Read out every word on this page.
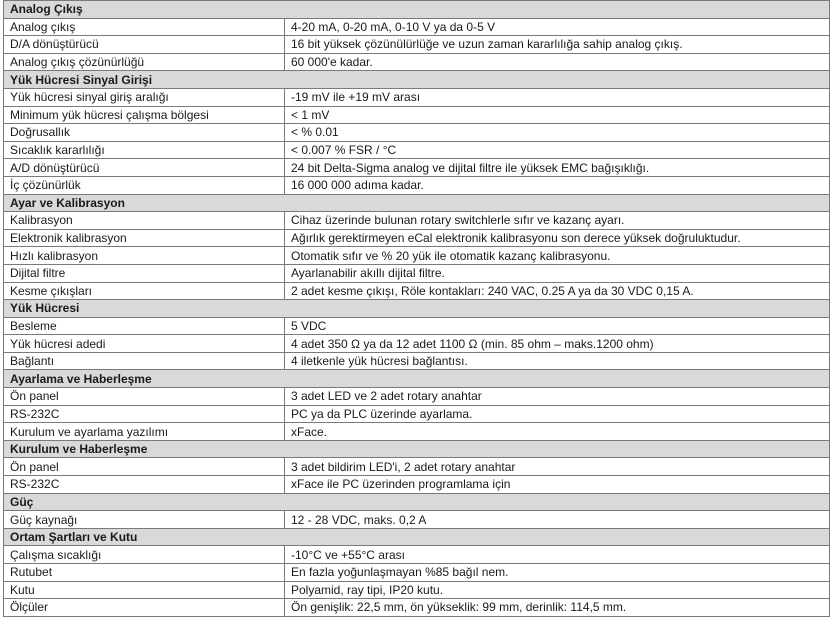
Analog Çıkış	
Analog çıkış	4-20 mA, 0-20 mA, 0-10 V ya da 0-5 V
D/A dönüştürücü	16 bit yüksek çözünülürlüğe ve uzun zaman kararlılığa sahip analog çıkış.
Analog çıkış çözünürlüğü	60 000'e kadar.
Yük Hücresi Sinyal Girişi	
Yük hücresi sinyal giriş aralığı	-19 mV ile +19 mV arası
Minimum yük hücresi çalışma bölgesi	< 1 mV
Doğrusallık	< % 0.01
Sıcaklık kararlılığı	< 0.007 % FSR / °C
A/D dönüştürücü	24 bit Delta-Sigma analog ve dijital filtre ile yüksek EMC bağışıklığı.
İç çözünürlük	16 000 000 adıma kadar.
Ayar ve Kalibrasyon	
Kalibrasyon	Cihaz üzerinde bulunan rotary switchlerle sıfır ve kazanç ayarı.
Elektronik kalibrasyon	Ağırlık gerektirmeyen eCal elektronik kalibrasyonu son derece yüksek doğruluktudur.
Hızlı kalibrasyon	Otomatik sıfır ve % 20 yük ile otomatik kazanç kalibrasyonu.
Dijital filtre	Ayarlanabilir akıllı dijital filtre.
Kesme çıkışları	2 adet kesme çıkışı, Röle kontakları: 240 VAC, 0.25 A ya da 30 VDC 0,15 A.
Yük Hücresi	
Besleme	5 VDC
Yük hücresi adedi	4 adet 350 Ω ya da 12 adet 1100 Ω (min. 85 ohm – maks.1200 ohm)
Bağlantı	4 iletkenle yük hücresi bağlantısı.
Ayarlama ve Haberleşme	
Ön panel	3 adet LED ve 2 adet rotary anahtar
RS-232C	PC ya da PLC üzerinde ayarlama.
Kurulum ve ayarlama yazılımı	xFace.
Kurulum ve Haberleşme	
Ön panel	3 adet bildirim LED'i, 2 adet rotary anahtar
RS-232C	xFace ile PC üzerinden programlama için
Güç	
Güç kaynağı	12 - 28 VDC, maks. 0,2 A
Ortam Şartları ve Kutu	
Çalışma sıcaklığı	-10°C ve +55°C arası
Rutubet	En fazla yoğunlaşmayan %85 bağıl nem.
Kutu	Polyamid, ray tipi, IP20 kutu.
Ölçüler	Ön genişlik: 22,5 mm, ön yükseklik: 99 mm, derinlik: 114,5 mm.
